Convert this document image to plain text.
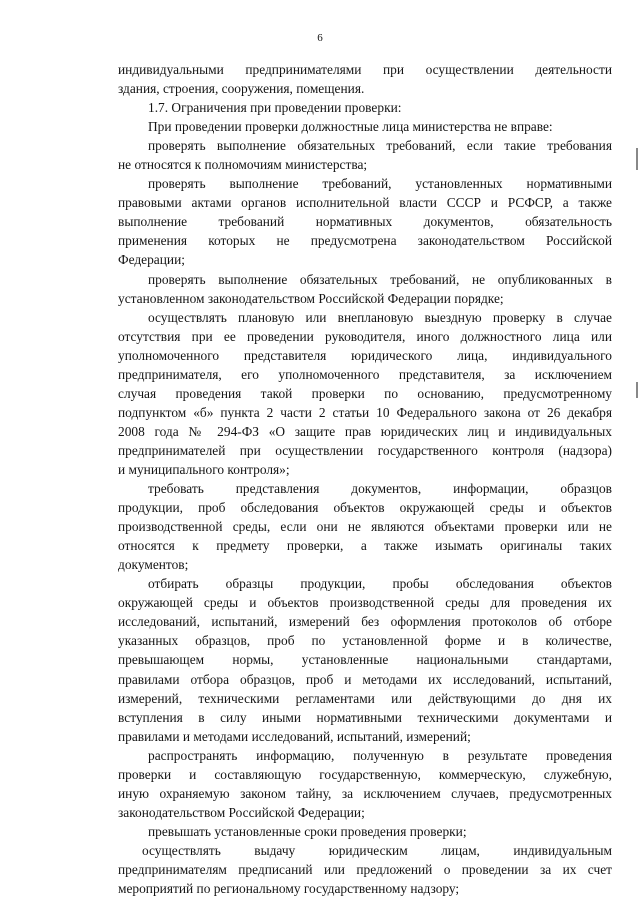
6
индивидуальными предпринимателями при осуществлении деятельности
здания, строения, сооружения, помещения.
1.7. Ограничения при проведении проверки:
При проведении проверки должностные лица министерства не вправе:
проверять выполнение обязательных требований, если такие требования
не относятся к полномочиям министерства;
проверять выполнение требований, установленных нормативными
правовыми актами органов исполнительной власти СССР и РСФСР, а также
выполнение требований нормативных документов, обязательность
применения которых не предусмотрена законодательством Российской
Федерации;
проверять выполнение обязательных требований, не опубликованных в
установленном законодательством Российской Федерации порядке;
осуществлять плановую или внеплановую выездную проверку в случае
отсутствия при ее проведении руководителя, иного должностного лица или
уполномоченного представителя юридического лица, индивидуального
предпринимателя, его уполномоченного представителя, за исключением
случая проведения такой проверки по основанию, предусмотренному
подпунктом «б» пункта 2 части 2 статьи 10 Федерального закона от 26 декабря
2008 года № 294-ФЗ «О защите прав юридических лиц и индивидуальных
предпринимателей при осуществлении государственного контроля (надзора)
и муниципального контроля»;
требовать представления документов, информации, образцов
продукции, проб обследования объектов окружающей среды и объектов
производственной среды, если они не являются объектами проверки или не
относятся к предмету проверки, а также изымать оригиналы таких
документов;
отбирать образцы продукции, пробы обследования объектов
окружающей среды и объектов производственной среды для проведения их
исследований, испытаний, измерений без оформления протоколов об отборе
указанных образцов, проб по установленной форме и в количестве,
превышающем нормы, установленные национальными стандартами,
правилами отбора образцов, проб и методами их исследований, испытаний,
измерений, техническими регламентами или действующими до дня их
вступления в силу иными нормативными техническими документами и
правилами и методами исследований, испытаний, измерений;
распространять информацию, полученную в результате проведения
проверки и составляющую государственную, коммерческую, служебную,
иную охраняемую законом тайну, за исключением случаев, предусмотренных
законодательством Российской Федерации;
превышать установленные сроки проведения проверки;
осуществлять выдачу юридическим лицам, индивидуальным
предпринимателям предписаний или предложений о проведении за их счет
мероприятий по региональному государственному надзору;
